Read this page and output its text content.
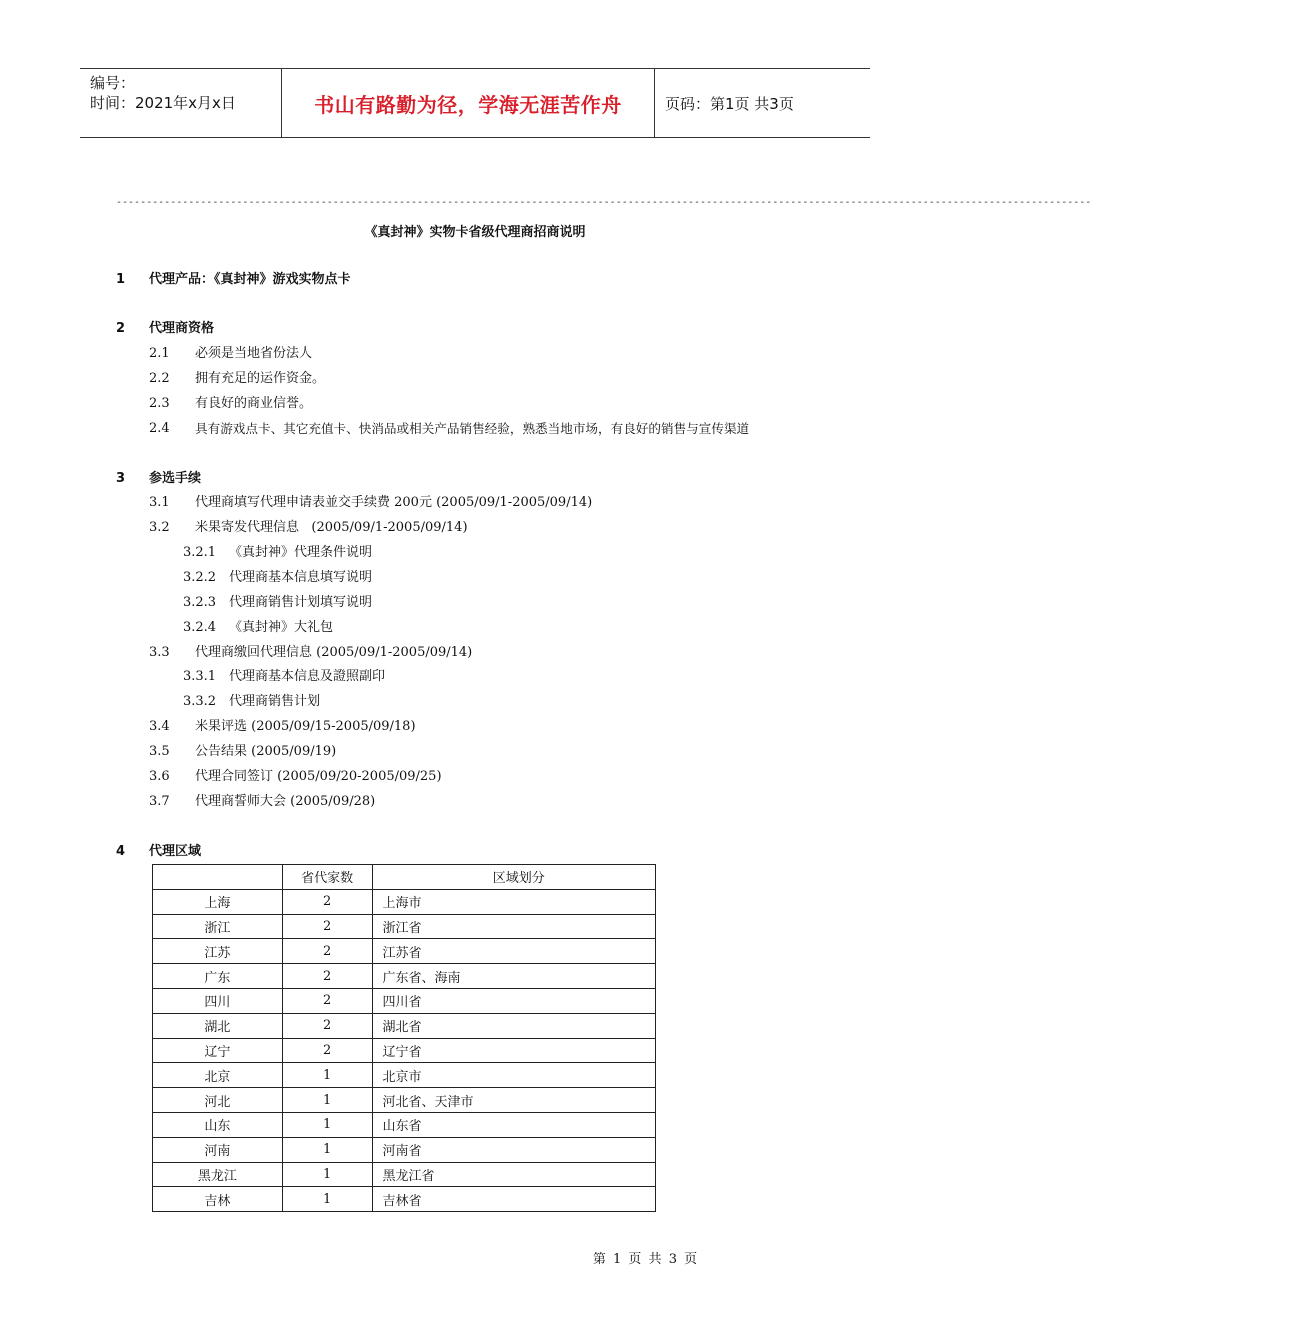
编号：
时间：2021年x月x日	书山有路勤为径，学海无涯苦作舟	页码：第1页 共3页
------------------------------------------------------------------------------------------------------------------------------------------------------------------
《真封神》实物卡省级代理商招商说明
1 代理产品：《真封神》游戏实物点卡
2 代理商资格
2.1 必须是当地省份法人
2.2 拥有充足的运作资金。
2.3 有良好的商业信誉。
2.4 具有游戏点卡、其它充值卡、快消品或相关产品销售经验，熟悉当地市场，有良好的销售与宣传渠道
3 参选手续
3.1 代理商填写代理申请表並交手续费 200元 (2005/09/1-2005/09/14)
3.2 米果寄发代理信息   (2005/09/1-2005/09/14)
3.2.1 《真封神》代理条件说明
3.2.2 代理商基本信息填写说明
3.2.3 代理商销售计划填写说明
3.2.4 《真封神》大礼包
3.3 代理商缴回代理信息 (2005/09/1-2005/09/14)
3.3.1 代理商基本信息及證照副印
3.3.2 代理商销售计划
3.4 米果评选 (2005/09/15-2005/09/18)
3.5 公告结果 (2005/09/19)
3.6 代理合同签订 (2005/09/20-2005/09/25)
3.7 代理商誓师大会 (2005/09/28)
4 代理区域
	省代家数	区域划分
上海	2	上海市
浙江	2	浙江省
江苏	2	江苏省
广东	2	广东省、海南
四川	2	四川省
湖北	2	湖北省
辽宁	2	辽宁省
北京	1	北京市
河北	1	河北省、天津市
山东	1	山东省
河南	1	河南省
黑龙江	1	黑龙江省
吉林	1	吉林省
第 1 页 共 3 页
